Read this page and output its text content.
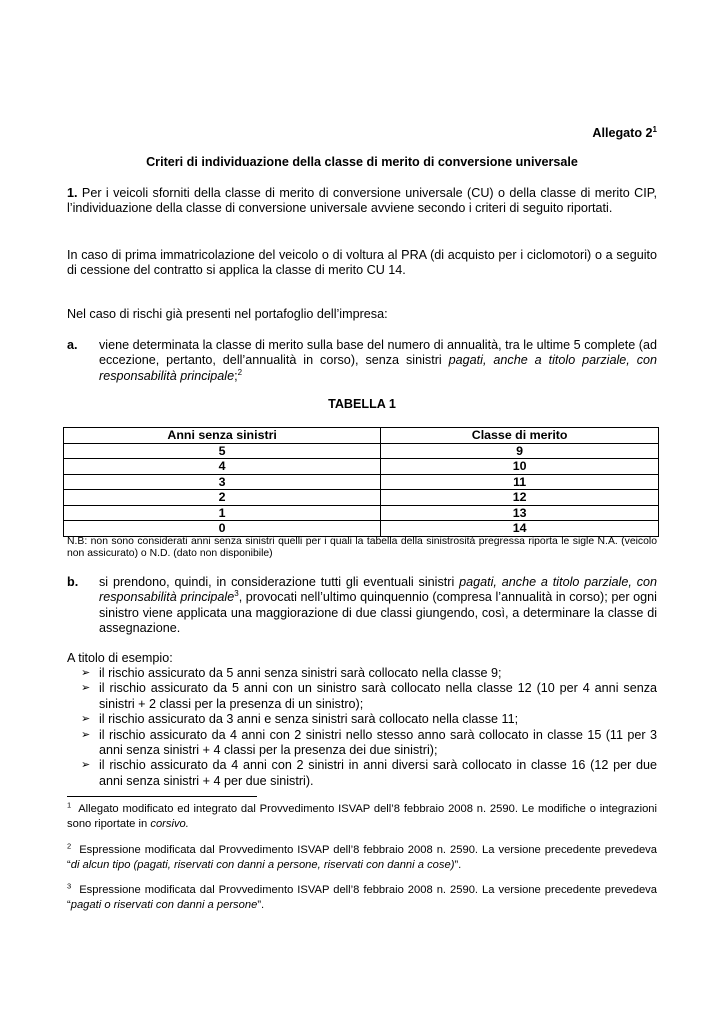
Allegato $2^1$
Criteri di individuazione della classe di merito di conversione universale
1. Per i veicoli sforniti della classe di merito di conversione universale (CU) o della classe di merito CIP, l’individuazione della classe di conversione universale avviene secondo i criteri di seguito riportati.
In caso di prima immatricolazione del veicolo o di voltura al PRA (di acquisto per i ciclomotori) o a seguito di cessione del contratto si applica la classe di merito CU 14.
Nel caso di rischi già presenti nel portafoglio dell’impresa:
a. viene determinata la classe di merito sulla base del numero di annualità, tra le ultime 5 complete (ad eccezione, pertanto, dell’annualità in corso), senza sinistri pagati, anche a titolo parziale, con responsabilità principale;$^2$
TABELLA 1
Anni senza sinistri	Classe di merito
5	9
4	10
3	11
2	12
1	13
0	14
N.B: non sono considerati anni senza sinistri quelli per i quali la tabella della sinistrosità pregressa riporta le sigle N.A. (veicolo non assicurato) o N.D. (dato non disponibile)
b. si prendono, quindi, in considerazione tutti gli eventuali sinistri pagati, anche a titolo parziale, con responsabilità principale$^3$, provocati nell’ultimo quinquennio (compresa l’annualità in corso); per ogni sinistro viene applicata una maggiorazione di due classi giungendo, così, a determinare la classe di assegnazione.
A titolo di esempio:
➢ il rischio assicurato da 5 anni senza sinistri sarà collocato nella classe 9;
➢ il rischio assicurato da 5 anni con un sinistro sarà collocato nella classe 12 (10 per 4 anni senza sinistri + 2 classi per la presenza di un sinistro);
➢ il rischio assicurato da 3 anni e senza sinistri sarà collocato nella classe 11;
➢ il rischio assicurato da 4 anni con 2 sinistri nello stesso anno sarà collocato in classe 15 (11 per 3 anni senza sinistri + 4 classi per la presenza dei due sinistri);
➢ il rischio assicurato da 4 anni con 2 sinistri in anni diversi sarà collocato in classe 16 (12 per due anni senza sinistri + 4 per due sinistri).
$^1$ Allegato modificato ed integrato dal Provvedimento ISVAP dell’8 febbraio 2008 n. 2590. Le modifiche o integrazioni sono riportate in corsivo.
$^2$ Espressione modificata dal Provvedimento ISVAP dell’8 febbraio 2008 n. 2590. La versione precedente prevedeva “di alcun tipo (pagati, riservati con danni a persone, riservati con danni a cose)”.
$^3$ Espressione modificata dal Provvedimento ISVAP dell’8 febbraio 2008 n. 2590. La versione precedente prevedeva “pagati o riservati con danni a persone”.
